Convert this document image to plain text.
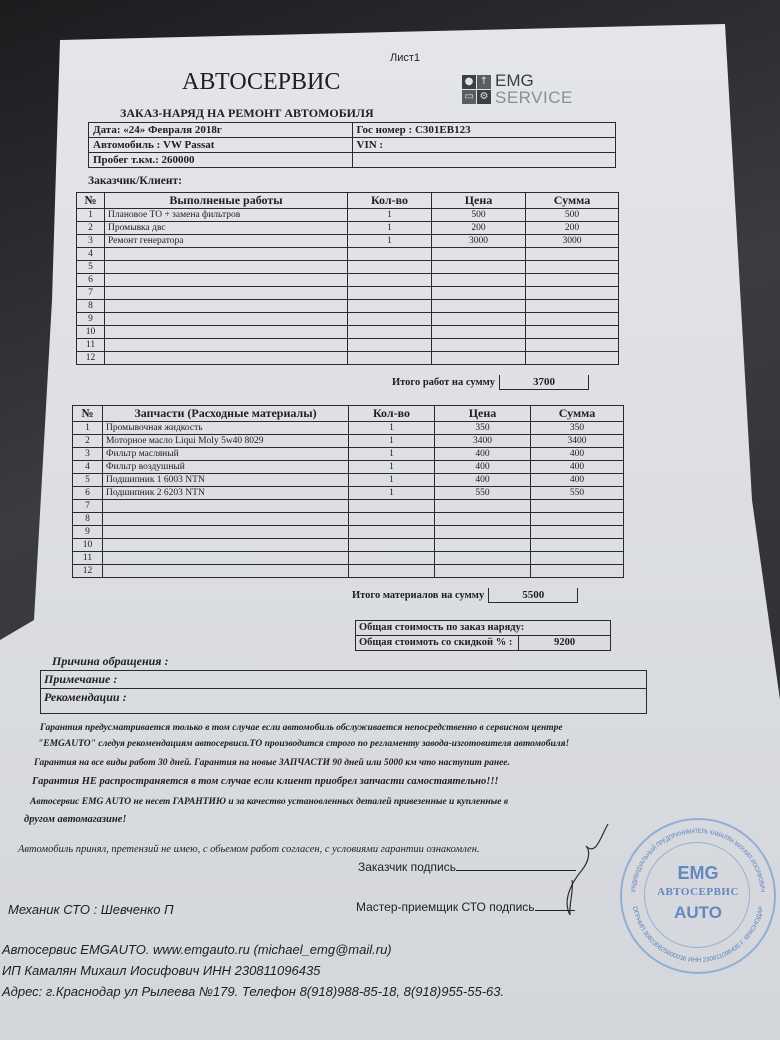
Лист1
АВТОСЕРВИС
ЗАКАЗ-НАРЯД НА РЕМОНТ АВТОМОБИЛЯ
● ↑
▭ ⚙
EMG
SERVICE
Дата: «24» Февраля 2018г	Гос номер : С301ЕВ123
Автомобиль : VW Passat	VIN :
Пробег т.км.: 260000	
Заказчик/Клиент:
№	Выполненые работы	Кол-во	Цена	Сумма
1	Плановое ТО + замена фильтров	1	500	500
2	Промывка двс	1	200	200
3	Ремонт генератора	1	3000	3000
4				
5				
6				
7				
8				
9				
10				
11				
12				
Итого работ на сумму	3700
№	Запчасти (Расходные материалы)	Кол-во	Цена	Сумма
1	Промывочная жидкость	1	350	350
2	Моторное масло Liqui Moly 5w40 8029	1	3400	3400
3	Фильтр масляный	1	400	400
4	Фильтр воздушный	1	400	400
5	Подшипник 1 6003 NTN	1	400	400
6	Подшипник 2 6203 NTN	1	550	550
7				
8				
9				
10				
11				
12				
Итого материалов на сумму	5500
Общая стоимость по заказ наряду:
Общая стоимоть со скидкой % :	9200
Причина обращения :
Примечание :
Рекомендации :
Гарантия предусматривается только в том случае если автомобиль обслуживается непосредственно в сервисном центре
"EMGAUTO" следуя рекомендациям автосервиса.ТО производится строго по регламенту завода-изготовителя автомобиля!
Гарантия на все виды работ 30 дней. Гарантия на новые ЗАПЧАСТИ 90 дней или 5000 км что наступит ранее.
Гарантия НЕ распространяется в том случае если клиент приобрел запчасти самостаятельно!!!
Автосервис EMG AUTO не несет ГАРАНТИЮ и за качество установленных деталей привезенные и купленные в
другом автомагазине!
Автомобиль принял, претензий не имею, с обьемом работ согласен, с условиями гарантии ознакомлен.
Заказчик подпись
Механик СТО : Шевченко П	Мастер-приемщик СТО подпись
ИНДИВИДУАЛЬНЫЙ ПРЕДПРИНИМАТЕЛЬ КАМАЛЯН МИХАИЛ ИОСИФОВИЧ
ОГРНИП 308230825600036 ИНН 230811096435 Г. КРАСНОДАР
EMG
АВТОСЕРВИС
AUTO
Автосервис EMGAUTO. www.emgauto.ru (michael_emg@mail.ru)
ИП Камалян Михаил Иосифович ИНН 230811096435
Адрес: г.Краснодар ул Рылеева №179. Телефон 8(918)988-85-18, 8(918)955-55-63.
